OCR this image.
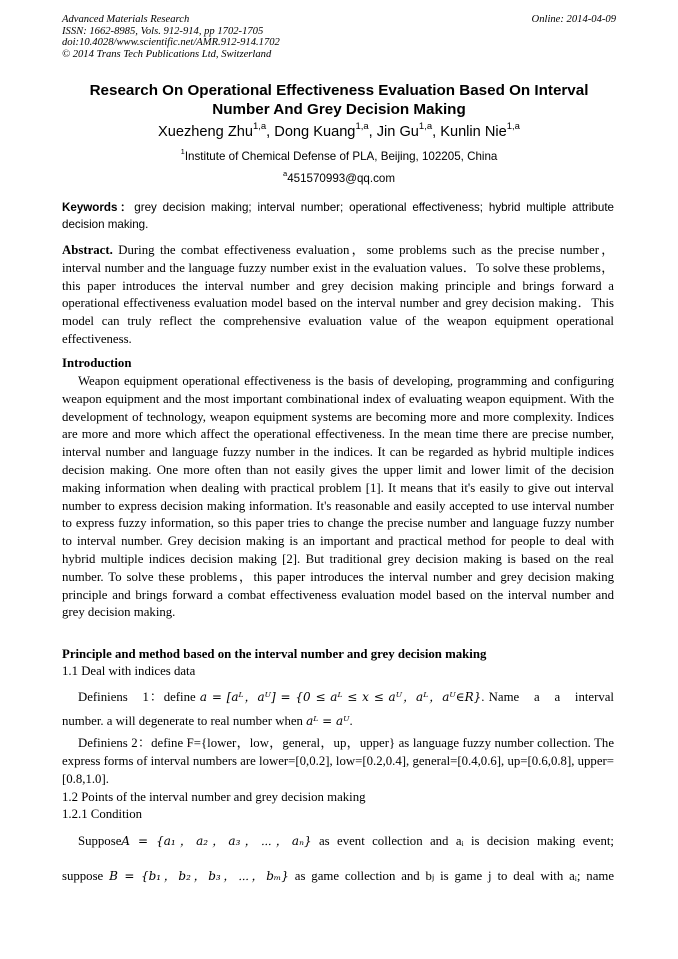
Advanced Materials Research
ISSN: 1662-8985, Vols. 912-914, pp 1702-1705
doi:10.4028/www.scientific.net/AMR.912-914.1702
© 2014 Trans Tech Publications Ltd, Switzerland
Online: 2014-04-09
Research On Operational Effectiveness Evaluation Based On Interval
Number And Grey Decision Making
Xuezheng Zhu$^{1,a}$, Dong Kuang$^{1,a}$, Jin Gu$^{1,a}$, Kunlin Nie$^{1,a}$
$^1$Institute of Chemical Defense of PLA, Beijing, 102205, China
$^a$451570993@qq.com
Keywords：grey decision making; interval number; operational effectiveness; hybrid multiple attribute decision making.
Abstract. During the combat effectiveness evaluation，some problems such as the precise number，interval number and the language fuzzy number exist in the evaluation values．To solve these problems，this paper introduces the interval number and grey decision making principle and brings forward a operational effectiveness evaluation model based on the interval number and grey decision making．This model can truly reflect the comprehensive evaluation value of the weapon equipment operational effectiveness.
Introduction
Weapon equipment operational effectiveness is the basis of developing, programming and configuring weapon equipment and the most important combinational index of evaluating weapon equipment. With the development of technology, weapon equipment systems are becoming more and more complexity. Indices are more and more which affect the operational effectiveness. In the mean time there are precise number, interval number and language fuzzy number in the indices. It can be regarded as hybrid multiple indices decision making. One more often than not easily gives the upper limit and lower limit of the decision making information when dealing with practical problem [1]. It means that it's easily to give out interval number to express decision making information. It's reasonable and easily accepted to use interval number to express fuzzy information, so this paper tries to change the precise number and language fuzzy number to interval number. Grey decision making is an important and practical method for people to deal with hybrid multiple indices decision making [2]. But traditional grey decision making is based on the real number. To solve these problems，this paper introduces the interval number and grey decision making principle and brings forward a combat effectiveness evaluation model based on the interval number and grey decision making.
Principle and method based on the interval number and grey decision making
1.1 Deal with indices data
Definiens　1：define a = [aᴸ，aᵁ] = {0 ≤ aᴸ ≤ x ≤ aᵁ，aᴸ，aᵁ∈R}. Name　a　a　interval
number. a will degenerate to real number when aᴸ = aᵁ.
Definiens 2：define F={lower，low，general，up，upper} as language fuzzy number collection. The express forms of interval numbers are lower=[0,0.2], low=[0.2,0.4], general=[0.4,0.6], up=[0.6,0.8], upper=[0.8,1.0].
1.2 Points of the interval number and grey decision making
1.2.1 Condition
SupposeA = {a₁，a₂，a₃，⋯，aₙ} as event collection and aᵢ is decision making event;
suppose B = {b₁，b₂，b₃，⋯，bₘ} as game collection and bⱼ is game j to deal with aᵢ; name
